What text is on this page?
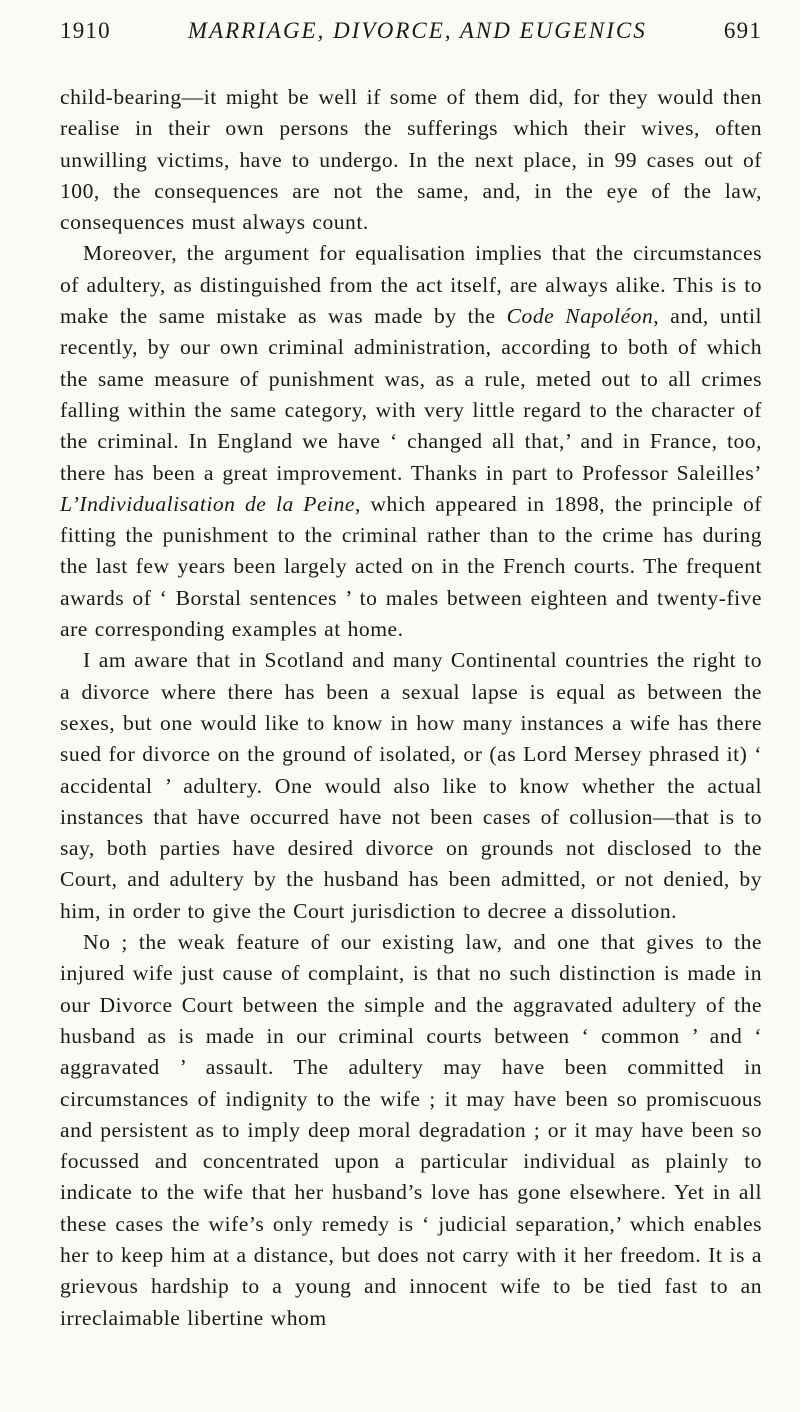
1910	MARRIAGE, DIVORCE, AND EUGENICS	691

child-bearing—it might be well if some of them did, for they would then realise in their own persons the sufferings which their wives, often unwilling victims, have to undergo. In the next place, in 99 cases out of 100, the consequences are not the same, and, in the eye of the law, consequences must always count.

Moreover, the argument for equalisation implies that the circumstances of adultery, as distinguished from the act itself, are always alike. This is to make the same mistake as was made by the Code Napoléon, and, until recently, by our own criminal administration, according to both of which the same measure of punishment was, as a rule, meted out to all crimes falling within the same category, with very little regard to the character of the criminal. In England we have ‘ changed all that,’ and in France, too, there has been a great improvement. Thanks in part to Professor Saleilles’ L’Individualisation de la Peine, which appeared in 1898, the principle of fitting the punishment to the criminal rather than to the crime has during the last few years been largely acted on in the French courts. The frequent awards of ‘ Borstal sentences ’ to males between eighteen and twenty-five are corresponding examples at home.

I am aware that in Scotland and many Continental countries the right to a divorce where there has been a sexual lapse is equal as between the sexes, but one would like to know in how many instances a wife has there sued for divorce on the ground of isolated, or (as Lord Mersey phrased it) ‘ accidental ’ adultery. One would also like to know whether the actual instances that have occurred have not been cases of collusion—that is to say, both parties have desired divorce on grounds not disclosed to the Court, and adultery by the husband has been admitted, or not denied, by him, in order to give the Court jurisdiction to decree a dissolution.

No ; the weak feature of our existing law, and one that gives to the injured wife just cause of complaint, is that no such distinction is made in our Divorce Court between the simple and the aggravated adultery of the husband as is made in our criminal courts between ‘ common ’ and ‘ aggravated ’ assault. The adultery may have been committed in circumstances of indignity to the wife ; it may have been so promiscuous and persistent as to imply deep moral degradation ; or it may have been so focussed and concentrated upon a particular individual as plainly to indicate to the wife that her husband’s love has gone elsewhere. Yet in all these cases the wife’s only remedy is ‘ judicial separation,’ which enables her to keep him at a distance, but does not carry with it her freedom. It is a grievous hardship to a young and innocent wife to be tied fast to an irreclaimable libertine whom
